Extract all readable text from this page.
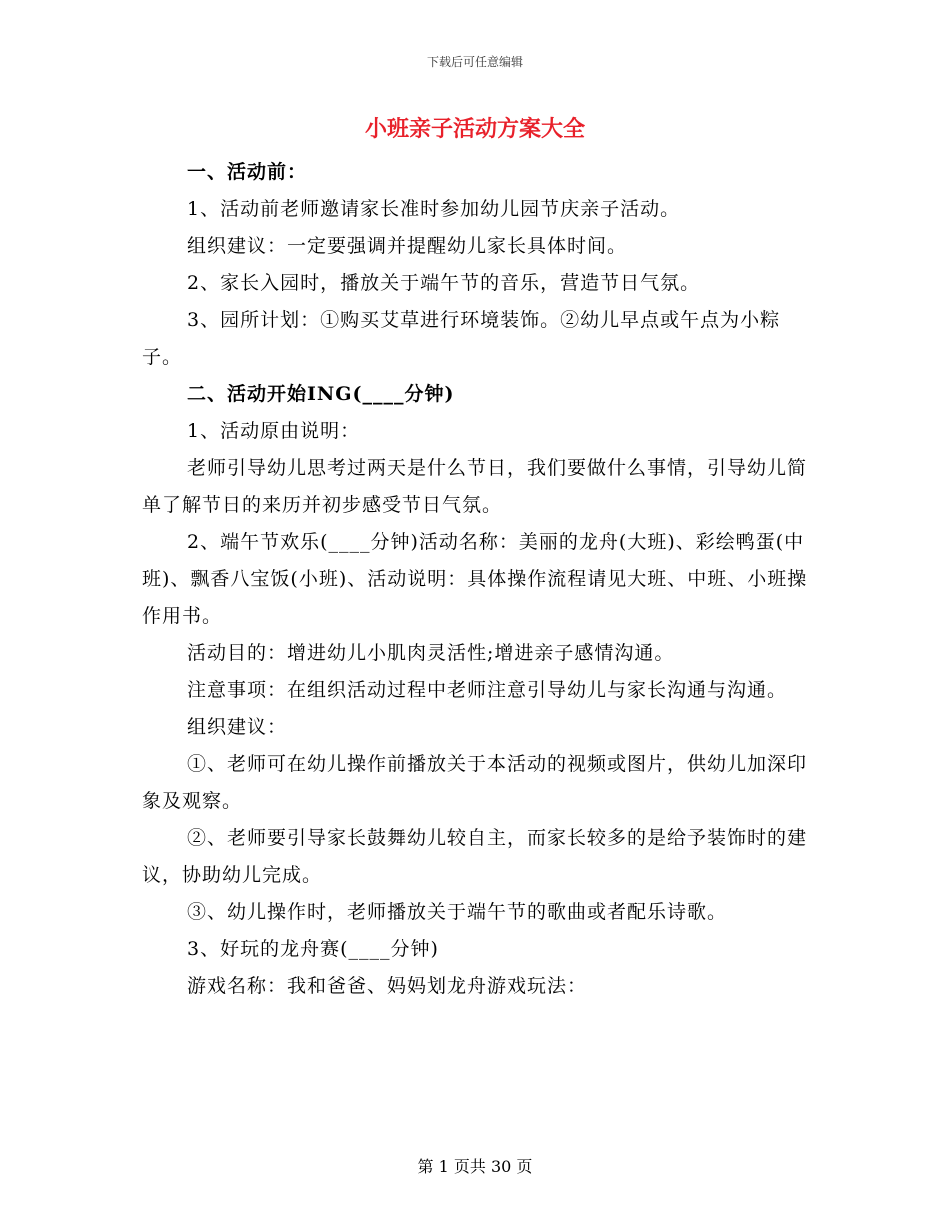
下载后可任意编辑
小班亲子活动方案大全

一、活动前：

1、活动前老师邀请家长准时参加幼儿园节庆亲子活动。

组织建议：一定要强调并提醒幼儿家长具体时间。

2、家长入园时，播放关于端午节的音乐，营造节日气氛。

3、园所计划：①购买艾草进行环境装饰。②幼儿早点或午点为小粽子。

二、活动开始ING(____分钟)

1、活动原由说明：

老师引导幼儿思考过两天是什么节日，我们要做什么事情，引导幼儿简单了解节日的来历并初步感受节日气氛。

2、端午节欢乐(____分钟)活动名称：美丽的龙舟(大班)、彩绘鸭蛋(中班)、飘香八宝饭(小班)、活动说明：具体操作流程请见大班、中班、小班操作用书。

活动目的：增进幼儿小肌肉灵活性;增进亲子感情沟通。

注意事项：在组织活动过程中老师注意引导幼儿与家长沟通与沟通。

组织建议：

①、老师可在幼儿操作前播放关于本活动的视频或图片，供幼儿加深印象及观察。

②、老师要引导家长鼓舞幼儿较自主，而家长较多的是给予装饰时的建议，协助幼儿完成。

③、幼儿操作时，老师播放关于端午节的歌曲或者配乐诗歌。

3、好玩的龙舟赛(____分钟)

游戏名称：我和爸爸、妈妈划龙舟游戏玩法：

第 1 页共 30 页
